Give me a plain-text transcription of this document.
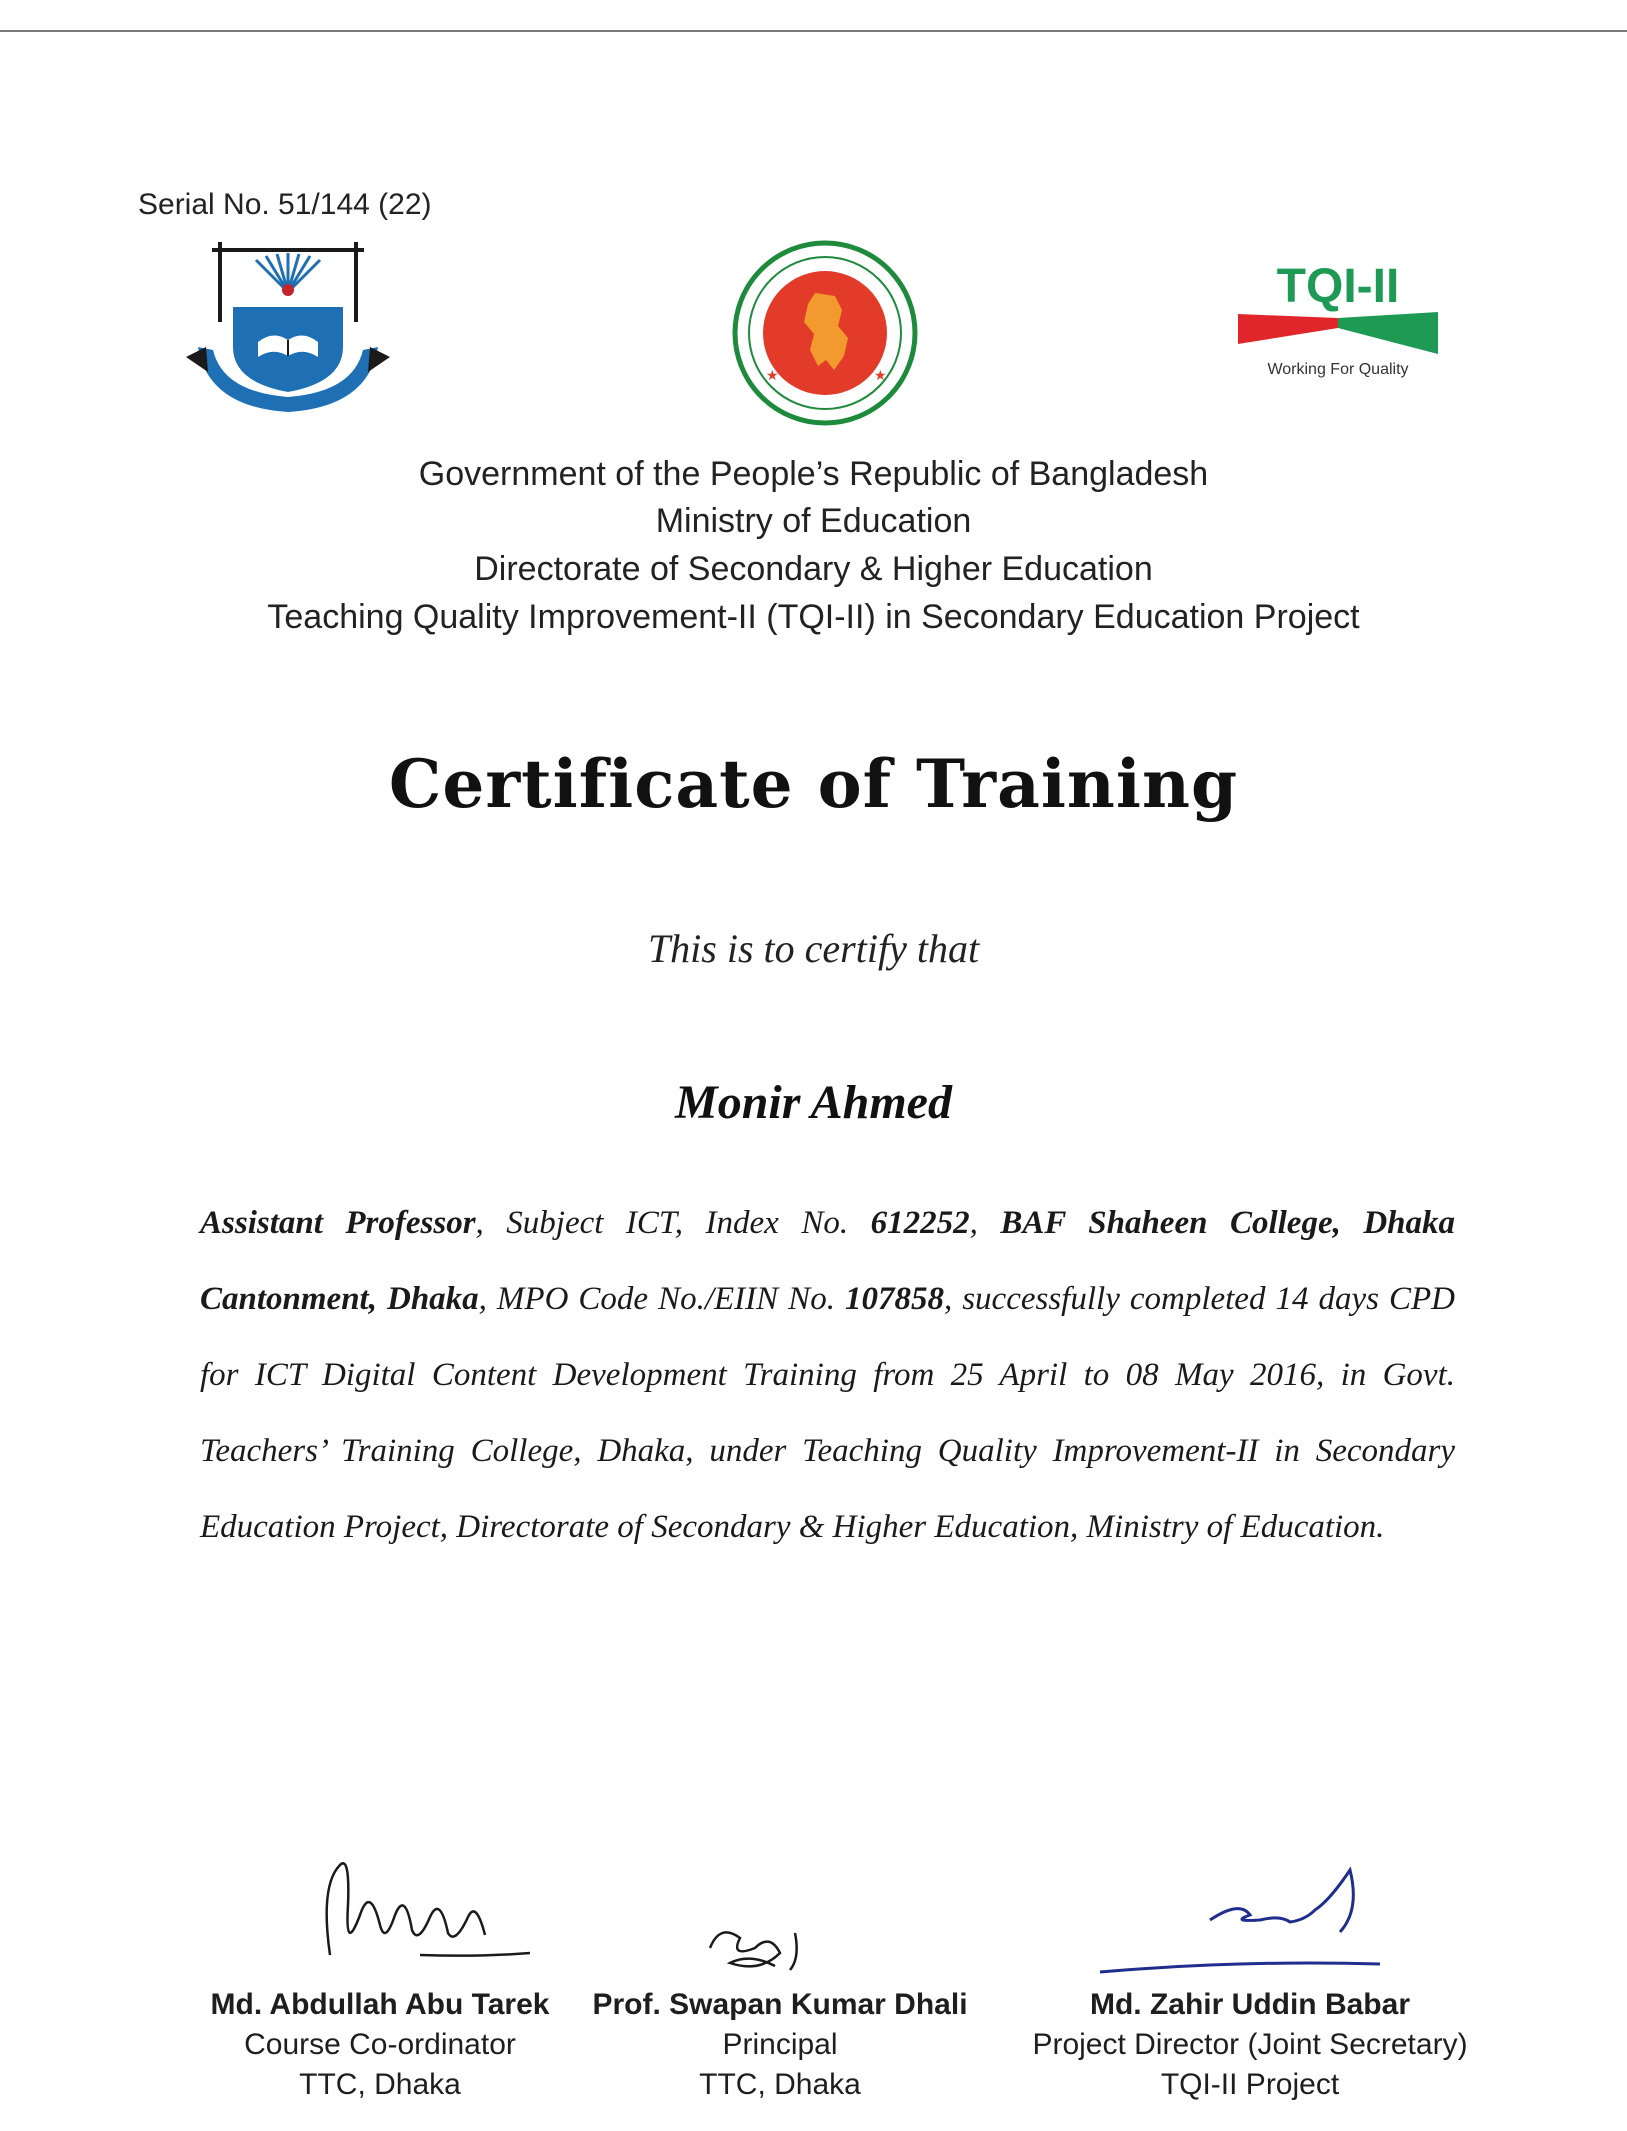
Serial No. 51/144 (22)
★	★
TQI-II
Working For Quality
Government of the People’s Republic of Bangladesh
Ministry of Education
Directorate of Secondary & Higher Education
Teaching Quality Improvement-II (TQI-II) in Secondary Education Project
Certificate of Training
This is to certify that
Monir Ahmed
Assistant Professor, Subject ICT, Index No. 612252, BAF Shaheen College, Dhaka Cantonment, Dhaka, MPO Code No./EIIN No. 107858, successfully completed 14 days CPD for ICT Digital Content Development Training from 25 April to 08 May 2016, in Govt. Teachers’ Training College, Dhaka, under Teaching Quality Improvement-II in Secondary Education Project, Directorate of Secondary & Higher Education, Ministry of Education.
Md. Abdullah Abu Tarek
Course Co-ordinator
TTC, Dhaka
Prof. Swapan Kumar Dhali
Principal
TTC, Dhaka
Md. Zahir Uddin Babar
Project Director (Joint Secretary)
TQI-II Project
